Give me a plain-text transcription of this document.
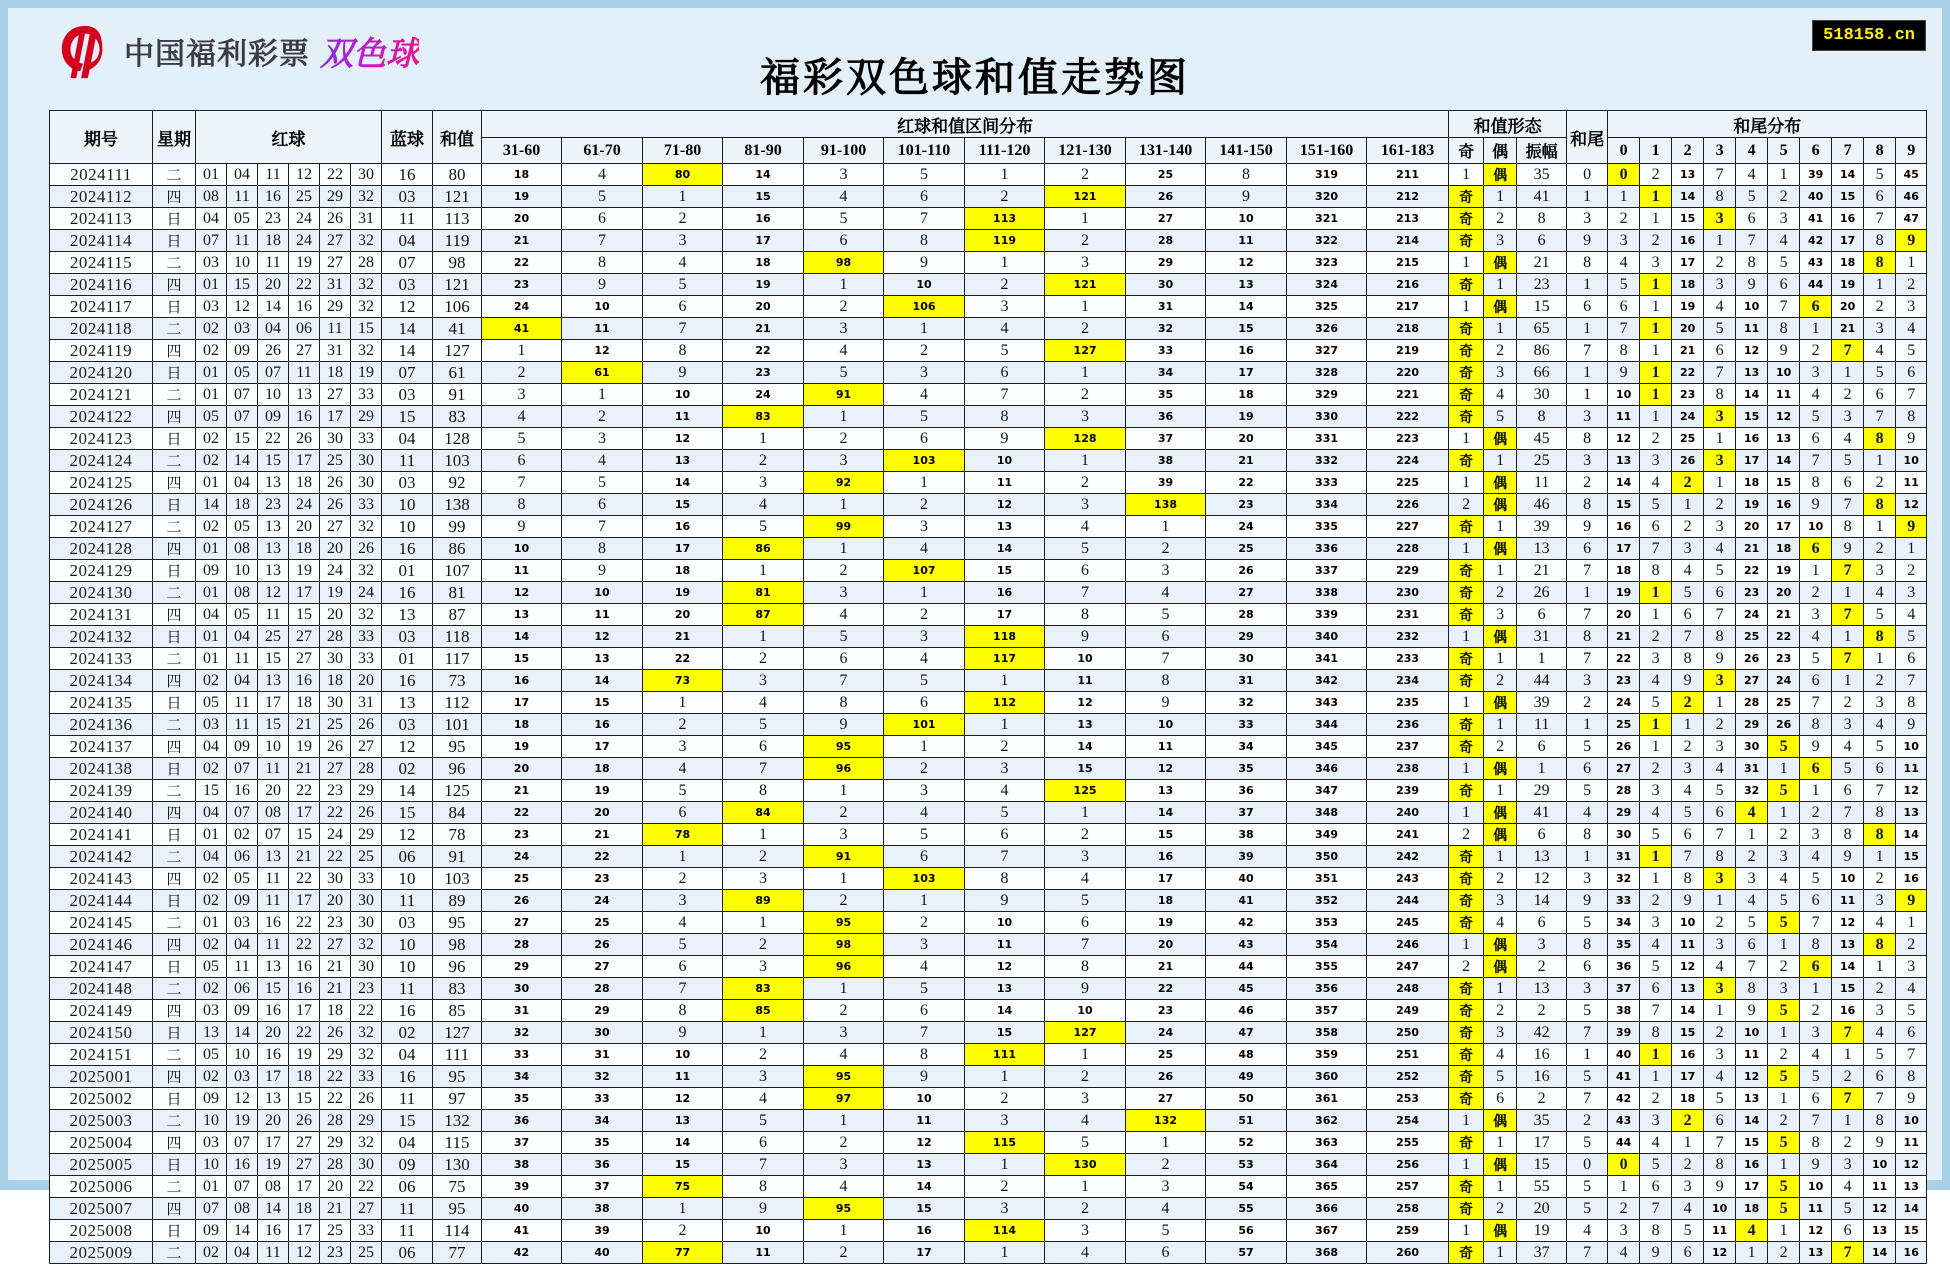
中国福利彩票 双色球
福彩双色球和值走势图
518158.cn
期号	星期	红球						蓝球	和值	红球和值区间分布												和值形态			和尾	和尾分布									
										31-60	61-70	71-80	81-90	91-100	101-110	111-120	121-130	131-140	141-150	151-160	161-183	奇	偶	振幅		0	1	2	3	4	5	6	7	8	9
2024111	二	01	04	11	12	22	30	16	80	18	4	80	14	3	5	1	2	25	8	319	211	1	偶	35	0	0	2	13	7	4	1	39	14	5	45
2024112	四	08	11	16	25	29	32	03	121	19	5	1	15	4	6	2	121	26	9	320	212	奇	1	41	1	1	1	14	8	5	2	40	15	6	46
2024113	日	04	05	23	24	26	31	11	113	20	6	2	16	5	7	113	1	27	10	321	213	奇	2	8	3	2	1	15	3	6	3	41	16	7	47
2024114	日	07	11	18	24	27	32	04	119	21	7	3	17	6	8	119	2	28	11	322	214	奇	3	6	9	3	2	16	1	7	4	42	17	8	9
2024115	二	03	10	11	19	27	28	07	98	22	8	4	18	98	9	1	3	29	12	323	215	1	偶	21	8	4	3	17	2	8	5	43	18	8	1
2024116	四	01	15	20	22	31	32	03	121	23	9	5	19	1	10	2	121	30	13	324	216	奇	1	23	1	5	1	18	3	9	6	44	19	1	2
2024117	日	03	12	14	16	29	32	12	106	24	10	6	20	2	106	3	1	31	14	325	217	1	偶	15	6	6	1	19	4	10	7	6	20	2	3
2024118	二	02	03	04	06	11	15	14	41	41	11	7	21	3	1	4	2	32	15	326	218	奇	1	65	1	7	1	20	5	11	8	1	21	3	4
2024119	四	02	09	26	27	31	32	14	127	1	12	8	22	4	2	5	127	33	16	327	219	奇	2	86	7	8	1	21	6	12	9	2	7	4	5
2024120	日	01	05	07	11	18	19	07	61	2	61	9	23	5	3	6	1	34	17	328	220	奇	3	66	1	9	1	22	7	13	10	3	1	5	6
2024121	二	01	07	10	13	27	33	03	91	3	1	10	24	91	4	7	2	35	18	329	221	奇	4	30	1	10	1	23	8	14	11	4	2	6	7
2024122	四	05	07	09	16	17	29	15	83	4	2	11	83	1	5	8	3	36	19	330	222	奇	5	8	3	11	1	24	3	15	12	5	3	7	8
2024123	日	02	15	22	26	30	33	04	128	5	3	12	1	2	6	9	128	37	20	331	223	1	偶	45	8	12	2	25	1	16	13	6	4	8	9
2024124	二	02	14	15	17	25	30	11	103	6	4	13	2	3	103	10	1	38	21	332	224	奇	1	25	3	13	3	26	3	17	14	7	5	1	10
2024125	四	01	04	13	18	26	30	03	92	7	5	14	3	92	1	11	2	39	22	333	225	1	偶	11	2	14	4	2	1	18	15	8	6	2	11
2024126	日	14	18	23	24	26	33	10	138	8	6	15	4	1	2	12	3	138	23	334	226	2	偶	46	8	15	5	1	2	19	16	9	7	8	12
2024127	二	02	05	13	20	27	32	10	99	9	7	16	5	99	3	13	4	1	24	335	227	奇	1	39	9	16	6	2	3	20	17	10	8	1	9
2024128	四	01	08	13	18	20	26	16	86	10	8	17	86	1	4	14	5	2	25	336	228	1	偶	13	6	17	7	3	4	21	18	6	9	2	1
2024129	日	09	10	13	19	24	32	01	107	11	9	18	1	2	107	15	6	3	26	337	229	奇	1	21	7	18	8	4	5	22	19	1	7	3	2
2024130	二	01	08	12	17	19	24	16	81	12	10	19	81	3	1	16	7	4	27	338	230	奇	2	26	1	19	1	5	6	23	20	2	1	4	3
2024131	四	04	05	11	15	20	32	13	87	13	11	20	87	4	2	17	8	5	28	339	231	奇	3	6	7	20	1	6	7	24	21	3	7	5	4
2024132	日	01	04	25	27	28	33	03	118	14	12	21	1	5	3	118	9	6	29	340	232	1	偶	31	8	21	2	7	8	25	22	4	1	8	5
2024133	二	01	11	15	27	30	33	01	117	15	13	22	2	6	4	117	10	7	30	341	233	奇	1	1	7	22	3	8	9	26	23	5	7	1	6
2024134	四	02	04	13	16	18	20	16	73	16	14	73	3	7	5	1	11	8	31	342	234	奇	2	44	3	23	4	9	3	27	24	6	1	2	7
2024135	日	05	11	17	18	30	31	13	112	17	15	1	4	8	6	112	12	9	32	343	235	1	偶	39	2	24	5	2	1	28	25	7	2	3	8
2024136	二	03	11	15	21	25	26	03	101	18	16	2	5	9	101	1	13	10	33	344	236	奇	1	11	1	25	1	1	2	29	26	8	3	4	9
2024137	四	04	09	10	19	26	27	12	95	19	17	3	6	95	1	2	14	11	34	345	237	奇	2	6	5	26	1	2	3	30	5	9	4	5	10
2024138	日	02	07	11	21	27	28	02	96	20	18	4	7	96	2	3	15	12	35	346	238	1	偶	1	6	27	2	3	4	31	1	6	5	6	11
2024139	二	15	16	20	22	23	29	14	125	21	19	5	8	1	3	4	125	13	36	347	239	奇	1	29	5	28	3	4	5	32	5	1	6	7	12
2024140	四	04	07	08	17	22	26	15	84	22	20	6	84	2	4	5	1	14	37	348	240	1	偶	41	4	29	4	5	6	4	1	2	7	8	13
2024141	日	01	02	07	15	24	29	12	78	23	21	78	1	3	5	6	2	15	38	349	241	2	偶	6	8	30	5	6	7	1	2	3	8	8	14
2024142	二	04	06	13	21	22	25	06	91	24	22	1	2	91	6	7	3	16	39	350	242	奇	1	13	1	31	1	7	8	2	3	4	9	1	15
2024143	四	02	05	11	22	30	33	10	103	25	23	2	3	1	103	8	4	17	40	351	243	奇	2	12	3	32	1	8	3	3	4	5	10	2	16
2024144	日	02	09	11	17	20	30	11	89	26	24	3	89	2	1	9	5	18	41	352	244	奇	3	14	9	33	2	9	1	4	5	6	11	3	9
2024145	二	01	03	16	22	23	30	03	95	27	25	4	1	95	2	10	6	19	42	353	245	奇	4	6	5	34	3	10	2	5	5	7	12	4	1
2024146	四	02	04	11	22	27	32	10	98	28	26	5	2	98	3	11	7	20	43	354	246	1	偶	3	8	35	4	11	3	6	1	8	13	8	2
2024147	日	05	11	13	16	21	30	10	96	29	27	6	3	96	4	12	8	21	44	355	247	2	偶	2	6	36	5	12	4	7	2	6	14	1	3
2024148	二	02	06	15	16	21	23	11	83	30	28	7	83	1	5	13	9	22	45	356	248	奇	1	13	3	37	6	13	3	8	3	1	15	2	4
2024149	四	03	09	16	17	18	22	16	85	31	29	8	85	2	6	14	10	23	46	357	249	奇	2	2	5	38	7	14	1	9	5	2	16	3	5
2024150	日	13	14	20	22	26	32	02	127	32	30	9	1	3	7	15	127	24	47	358	250	奇	3	42	7	39	8	15	2	10	1	3	7	4	6
2024151	二	05	10	16	19	29	32	04	111	33	31	10	2	4	8	111	1	25	48	359	251	奇	4	16	1	40	1	16	3	11	2	4	1	5	7
2025001	四	02	03	17	18	22	33	16	95	34	32	11	3	95	9	1	2	26	49	360	252	奇	5	16	5	41	1	17	4	12	5	5	2	6	8
2025002	日	09	12	13	15	22	26	11	97	35	33	12	4	97	10	2	3	27	50	361	253	奇	6	2	7	42	2	18	5	13	1	6	7	7	9
2025003	二	10	19	20	26	28	29	15	132	36	34	13	5	1	11	3	4	132	51	362	254	1	偶	35	2	43	3	2	6	14	2	7	1	8	10
2025004	四	03	07	17	27	29	32	04	115	37	35	14	6	2	12	115	5	1	52	363	255	奇	1	17	5	44	4	1	7	15	5	8	2	9	11
2025005	日	10	16	19	27	28	30	09	130	38	36	15	7	3	13	1	130	2	53	364	256	1	偶	15	0	0	5	2	8	16	1	9	3	10	12
2025006	二	01	07	08	17	20	22	06	75	39	37	75	8	4	14	2	1	3	54	365	257	奇	1	55	5	1	6	3	9	17	5	10	4	11	13
2025007	四	07	08	14	18	21	27	11	95	40	38	1	9	95	15	3	2	4	55	366	258	奇	2	20	5	2	7	4	10	18	5	11	5	12	14
2025008	日	09	14	16	17	25	33	11	114	41	39	2	10	1	16	114	3	5	56	367	259	1	偶	19	4	3	8	5	11	4	1	12	6	13	15
2025009	二	02	04	11	12	23	25	06	77	42	40	77	11	2	17	1	4	6	57	368	260	奇	1	37	7	4	9	6	12	1	2	13	7	14	16
